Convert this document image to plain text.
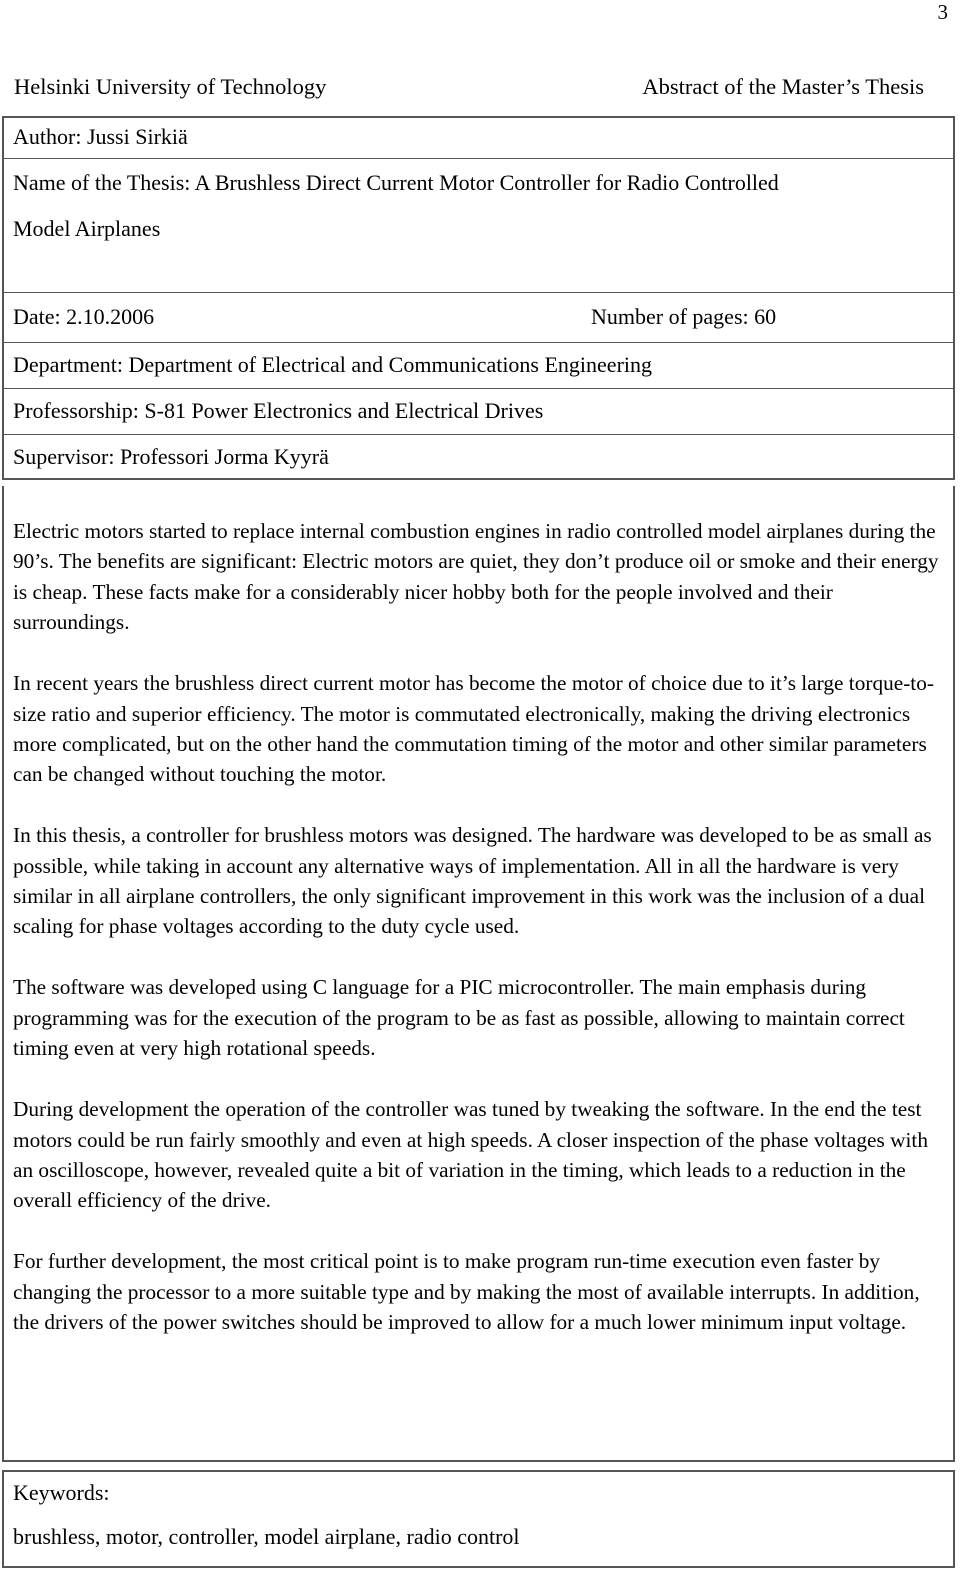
3
Helsinki University of Technology	Abstract of the Master’s Thesis
Author: Jussi Sirkiä
Name of the Thesis: A Brushless Direct Current Motor Controller for Radio Controlled
Model Airplanes
Date: 2.10.2006	Number of pages: 60
Department: Department of Electrical and Communications Engineering
Professorship: S-81 Power Electronics and Electrical Drives
Supervisor: Professori Jorma Kyyrä

Electric motors started to replace internal combustion engines in radio controlled model airplanes during the 90’s. The benefits are significant: Electric motors are quiet, they don’t produce oil or smoke and their energy is cheap. These facts make for a considerably nicer hobby both for the people involved and their surroundings.

In recent years the brushless direct current motor has become the motor of choice due to it’s large torque-to-size ratio and superior efficiency. The motor is commutated electronically, making the driving electronics more complicated, but on the other hand the commutation timing of the motor and other similar parameters can be changed without touching the motor.

In this thesis, a controller for brushless motors was designed. The hardware was developed to be as small as possible, while taking in account any alternative ways of implementation. All in all the hardware is very similar in all airplane controllers, the only significant improvement in this work was the inclusion of a dual scaling for phase voltages according to the duty cycle used.

The software was developed using C language for a PIC microcontroller. The main emphasis during programming was for the execution of the program to be as fast as possible, allowing to maintain correct timing even at very high rotational speeds.

During development the operation of the controller was tuned by tweaking the software. In the end the test motors could be run fairly smoothly and even at high speeds. A closer inspection of the phase voltages with an oscilloscope, however, revealed quite a bit of variation in the timing, which leads to a reduction in the overall efficiency of the drive.

For further development, the most critical point is to make program run-time execution even faster by changing the processor to a more suitable type and by making the most of available interrupts. In addition, the drivers of the power switches should be improved to allow for a much lower minimum input voltage.

Keywords:
brushless, motor, controller, model airplane, radio control
